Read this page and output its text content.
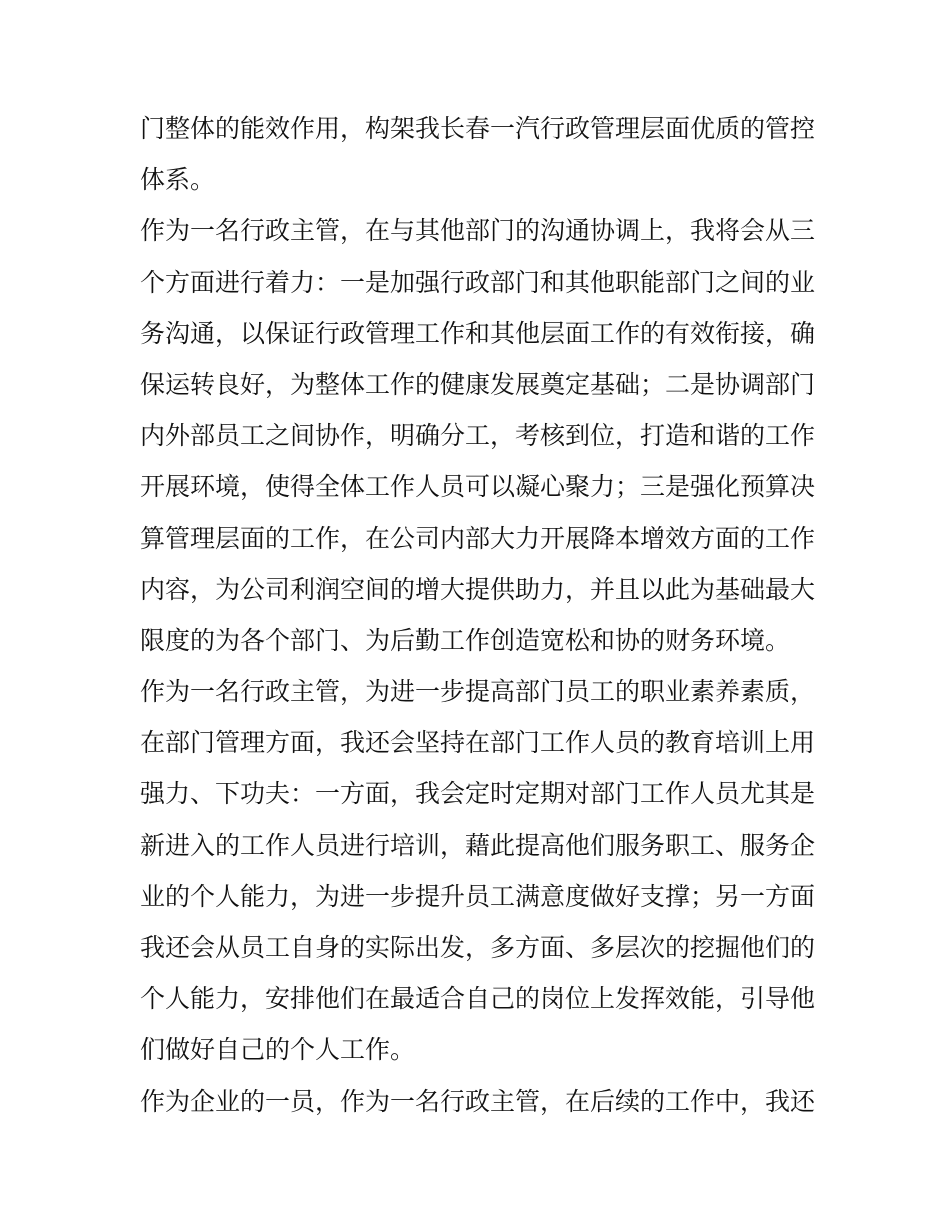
门整体的能效作用，构架我长春一汽行政管理层面优质的管控
体系。
作为一名行政主管，在与其他部门的沟通协调上，我将会从三
个方面进行着力：一是加强行政部门和其他职能部门之间的业
务沟通，以保证行政管理工作和其他层面工作的有效衔接，确
保运转良好，为整体工作的健康发展奠定基础；二是协调部门
内外部员工之间协作，明确分工，考核到位，打造和谐的工作
开展环境，使得全体工作人员可以凝心聚力；三是强化预算决
算管理层面的工作，在公司内部大力开展降本增效方面的工作
内容，为公司利润空间的增大提供助力，并且以此为基础最大
限度的为各个部门、为后勤工作创造宽松和协的财务环境。
作为一名行政主管，为进一步提高部门员工的职业素养素质，
在部门管理方面，我还会坚持在部门工作人员的教育培训上用
强力、下功夫：一方面，我会定时定期对部门工作人员尤其是
新进入的工作人员进行培训，藉此提高他们服务职工、服务企
业的个人能力，为进一步提升员工满意度做好支撑；另一方面
我还会从员工自身的实际出发，多方面、多层次的挖掘他们的
个人能力，安排他们在最适合自己的岗位上发挥效能，引导他
们做好自己的个人工作。
作为企业的一员，作为一名行政主管，在后续的工作中，我还
